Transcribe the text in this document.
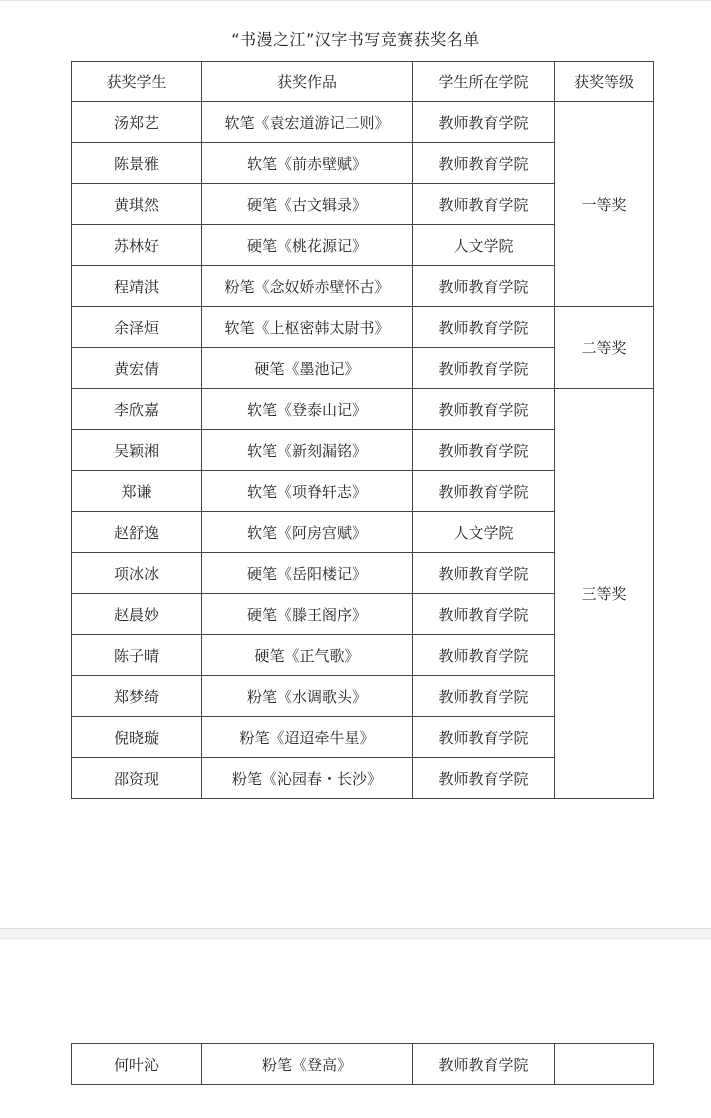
“书漫之江”汉字书写竞赛获奖名单
获奖学生	获奖作品	学生所在学院	获奖等级
汤郑艺	软笔《袁宏道游记二则》	教师教育学院	一等奖
陈景雅	软笔《前赤壁赋》	教师教育学院	
黄琪然	硬笔《古文辑录》	教师教育学院	
苏林好	硬笔《桃花源记》	人文学院	
程靖淇	粉笔《念奴娇赤壁怀古》	教师教育学院	
余泽烜	软笔《上枢密韩太尉书》	教师教育学院	二等奖
黄宏倩	硬笔《墨池记》	教师教育学院	
李欣嘉	软笔《登泰山记》	教师教育学院	三等奖
吴颖湘	软笔《新刻漏铭》	教师教育学院	
郑谦	软笔《项脊轩志》	教师教育学院	
赵舒逸	软笔《阿房宫赋》	人文学院	
项冰冰	硬笔《岳阳楼记》	教师教育学院	
赵晨妙	硬笔《滕王阁序》	教师教育学院	
陈子晴	硬笔《正气歌》	教师教育学院	
郑梦绮	粉笔《水调歌头》	教师教育学院	
倪晓璇	粉笔《迢迢牵牛星》	教师教育学院	
邵资现	粉笔《沁园春・长沙》	教师教育学院	
何叶沁	粉笔《登高》	教师教育学院	
